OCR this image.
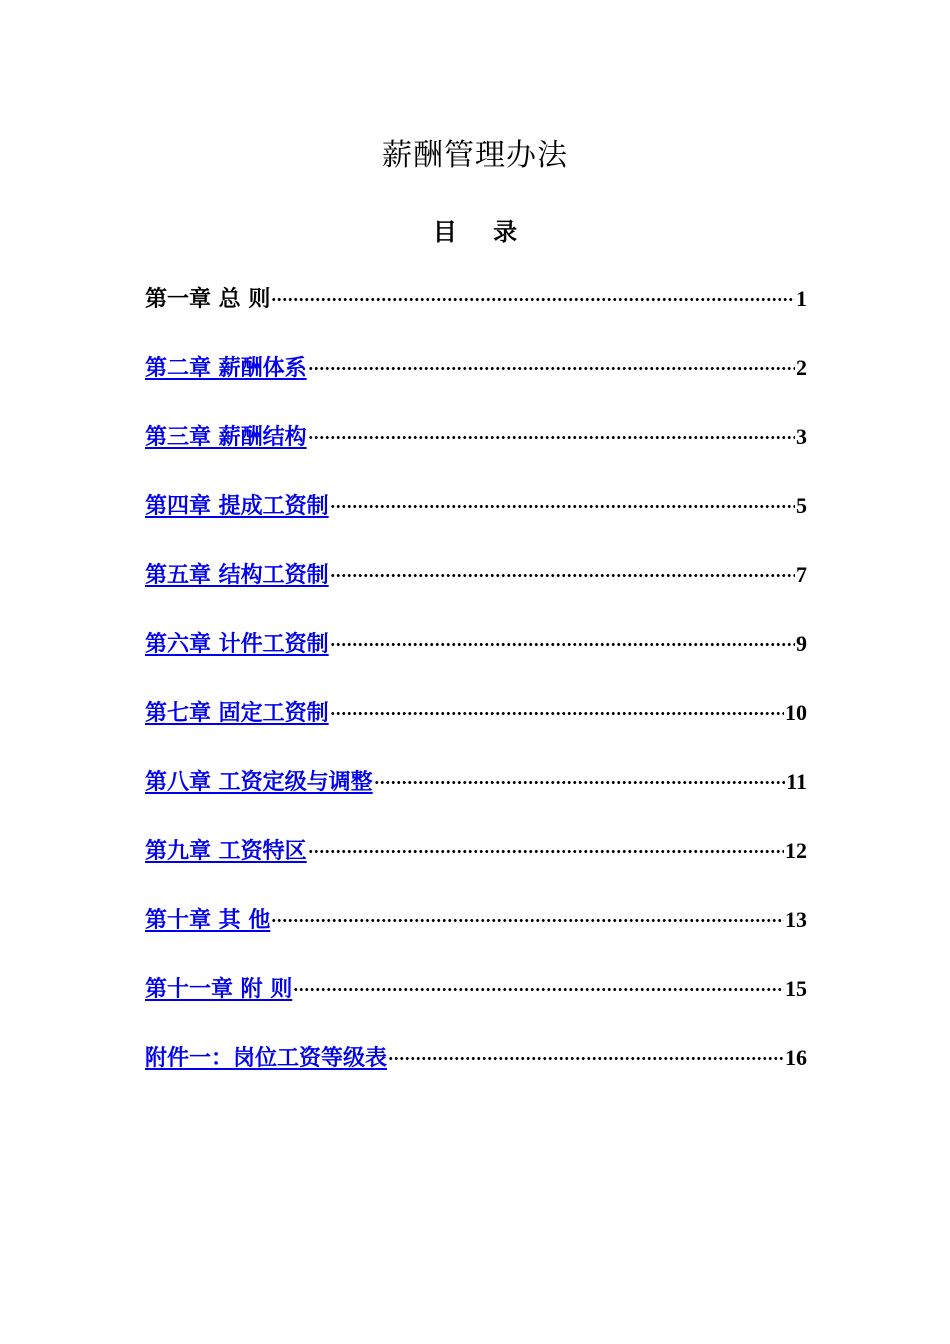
薪酬管理办法
目 录
第一章 总 则	1
第二章 薪酬体系	2
第三章 薪酬结构	3
第四章 提成工资制	5
第五章 结构工资制	7
第六章 计件工资制	9
第七章 固定工资制	10
第八章 工资定级与调整	11
第九章 工资特区	12
第十章 其 他	13
第十一章 附 则	15
附件一：岗位工资等级表	16
